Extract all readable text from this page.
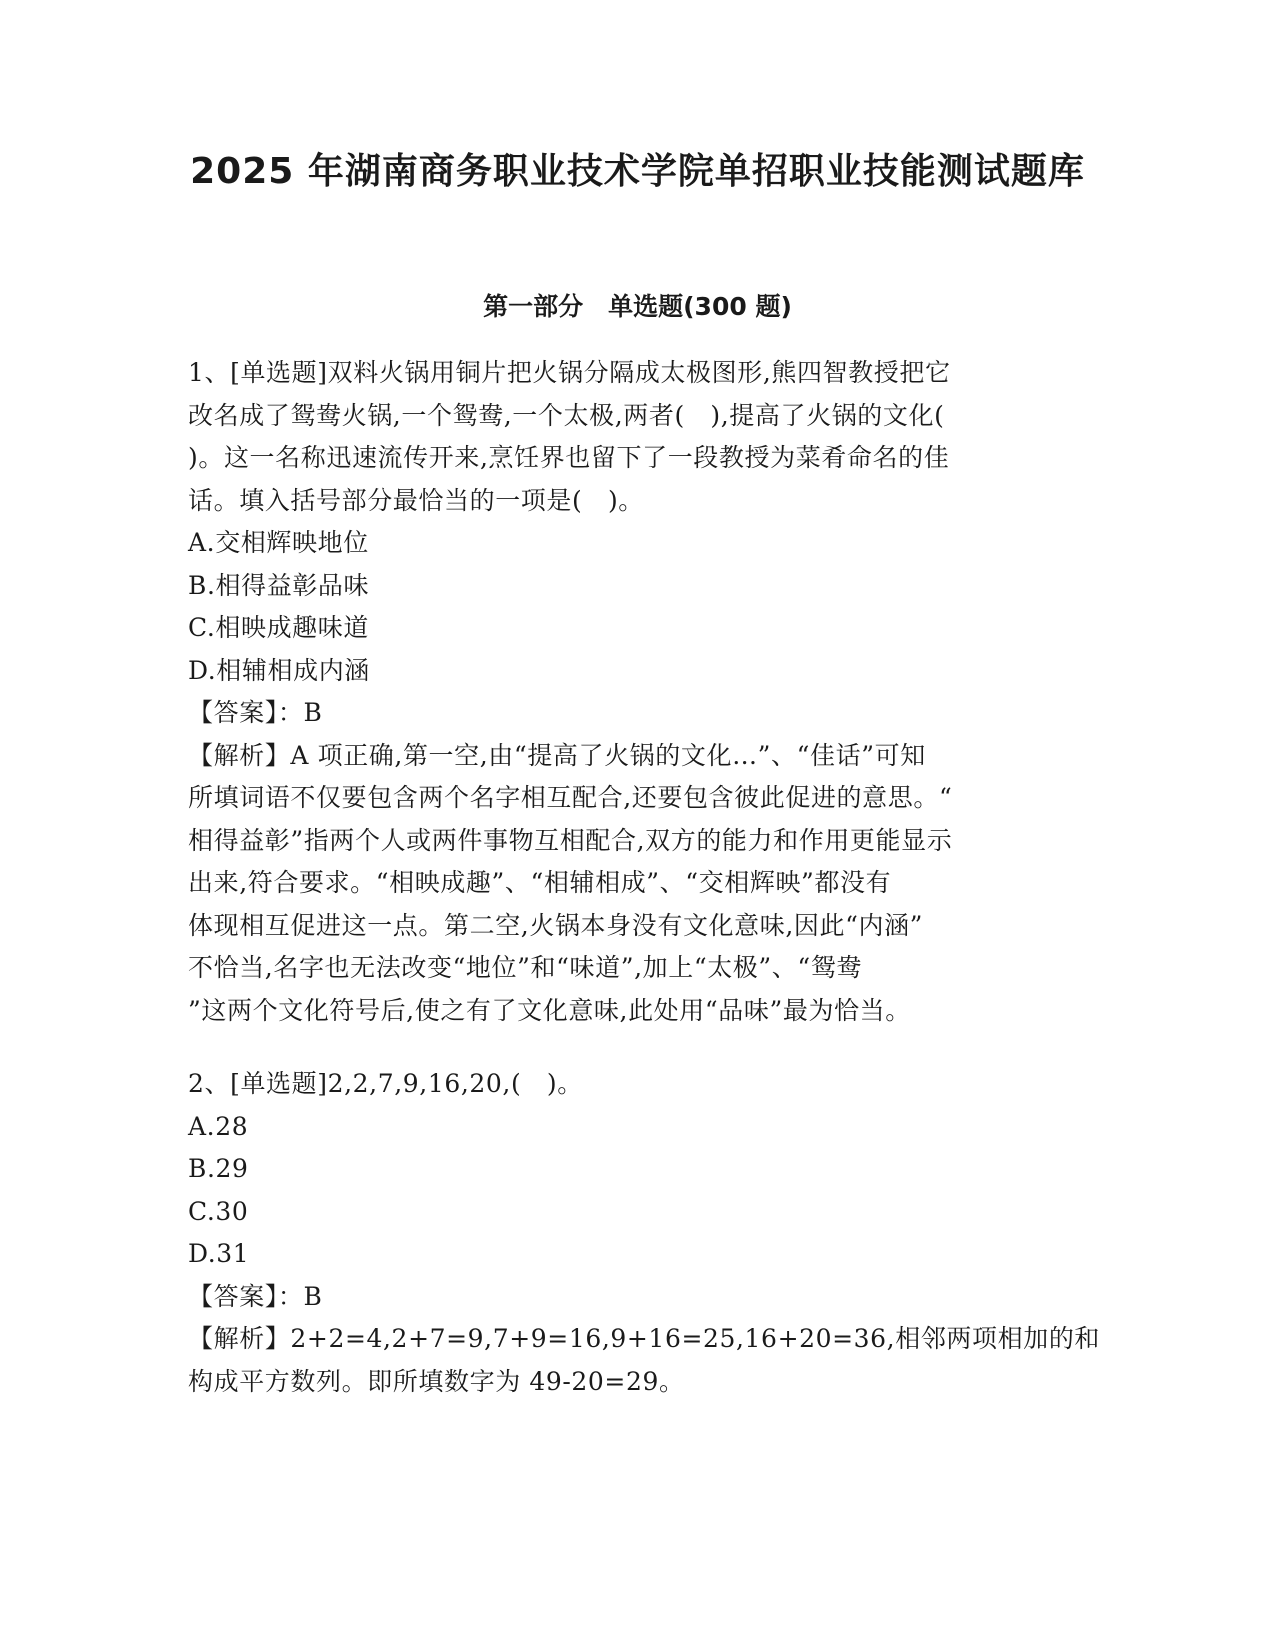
2025 年湖南商务职业技术学院单招职业技能测试题库
第一部分　单选题(300 题)
1、[单选题]双料火锅用铜片把火锅分隔成太极图形,熊四智教授把它
改名成了鸳鸯火锅,一个鸳鸯,一个太极,两者(　),提高了火锅的文化(
)。这一名称迅速流传开来,烹饪界也留下了一段教授为菜肴命名的佳
话。填入括号部分最恰当的一项是(　)。
A.交相辉映地位
B.相得益彰品味
C.相映成趣味道
D.相辅相成内涵
【答案】：B
【解析】A 项正确,第一空,由“提高了火锅的文化…”、“佳话”可知
所填词语不仅要包含两个名字相互配合,还要包含彼此促进的意思。“
相得益彰”指两个人或两件事物互相配合,双方的能力和作用更能显示
出来,符合要求。“相映成趣”、“相辅相成”、“交相辉映”都没有
体现相互促进这一点。第二空,火锅本身没有文化意味,因此“内涵”
不恰当,名字也无法改变“地位”和“味道”,加上“太极”、“鸳鸯
”这两个文化符号后,使之有了文化意味,此处用“品味”最为恰当。
2、[单选题]2,2,7,9,16,20,(　)。
A.28
B.29
C.30
D.31
【答案】：B
【解析】2+2=4,2+7=9,7+9=16,9+16=25,16+20=36,相邻两项相加的和
构成平方数列。即所填数字为 49-20=29。
